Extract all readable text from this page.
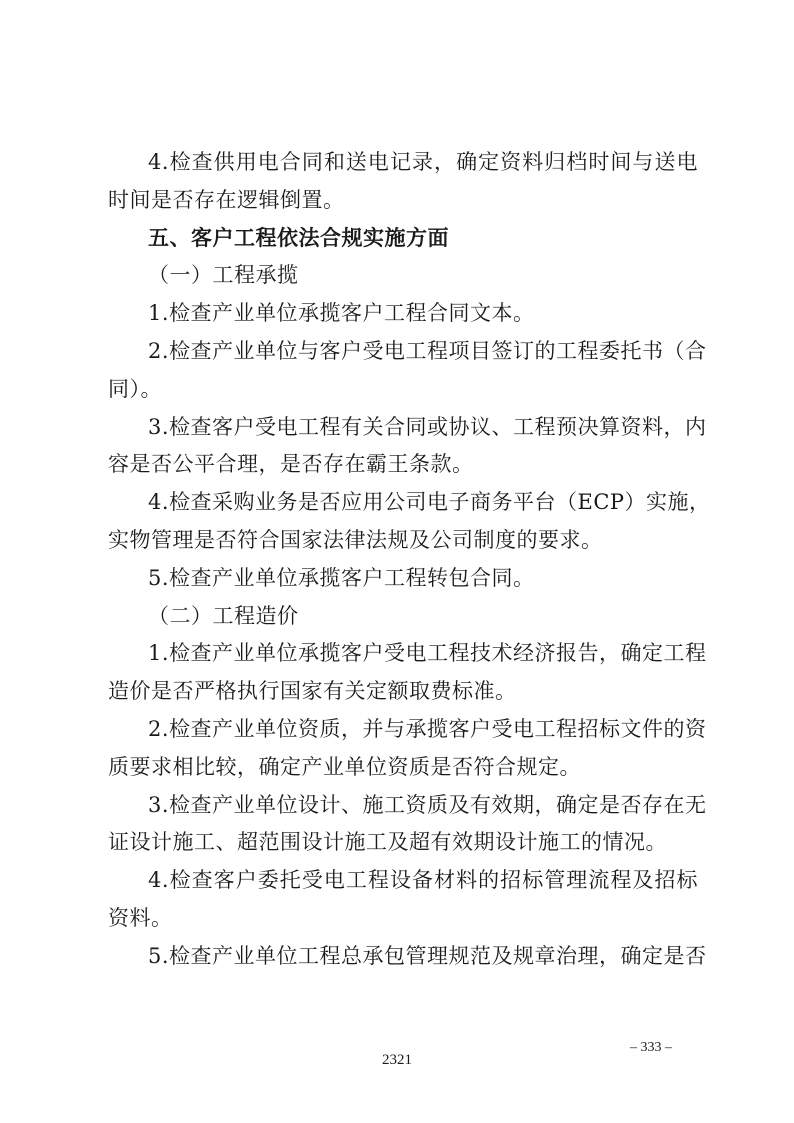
4.检查供用电合同和送电记录，确定资料归档时间与送电
时间是否存在逻辑倒置。
五、客户工程依法合规实施方面
（一）工程承揽
1.检查产业单位承揽客户工程合同文本。
2.检查产业单位与客户受电工程项目签订的工程委托书（合
同）。
3.检查客户受电工程有关合同或协议、工程预决算资料，内
容是否公平合理，是否存在霸王条款。
4.检查采购业务是否应用公司电子商务平台（ECP）实施，
实物管理是否符合国家法律法规及公司制度的要求。
5.检查产业单位承揽客户工程转包合同。
（二）工程造价
1.检查产业单位承揽客户受电工程技术经济报告，确定工程
造价是否严格执行国家有关定额取费标准。
2.检查产业单位资质，并与承揽客户受电工程招标文件的资
质要求相比较，确定产业单位资质是否符合规定。
3.检查产业单位设计、施工资质及有效期，确定是否存在无
证设计施工、超范围设计施工及超有效期设计施工的情况。
4.检查客户委托受电工程设备材料的招标管理流程及招标
资料。
5.检查产业单位工程总承包管理规范及规章治理，确定是否
– 333 –
2321
